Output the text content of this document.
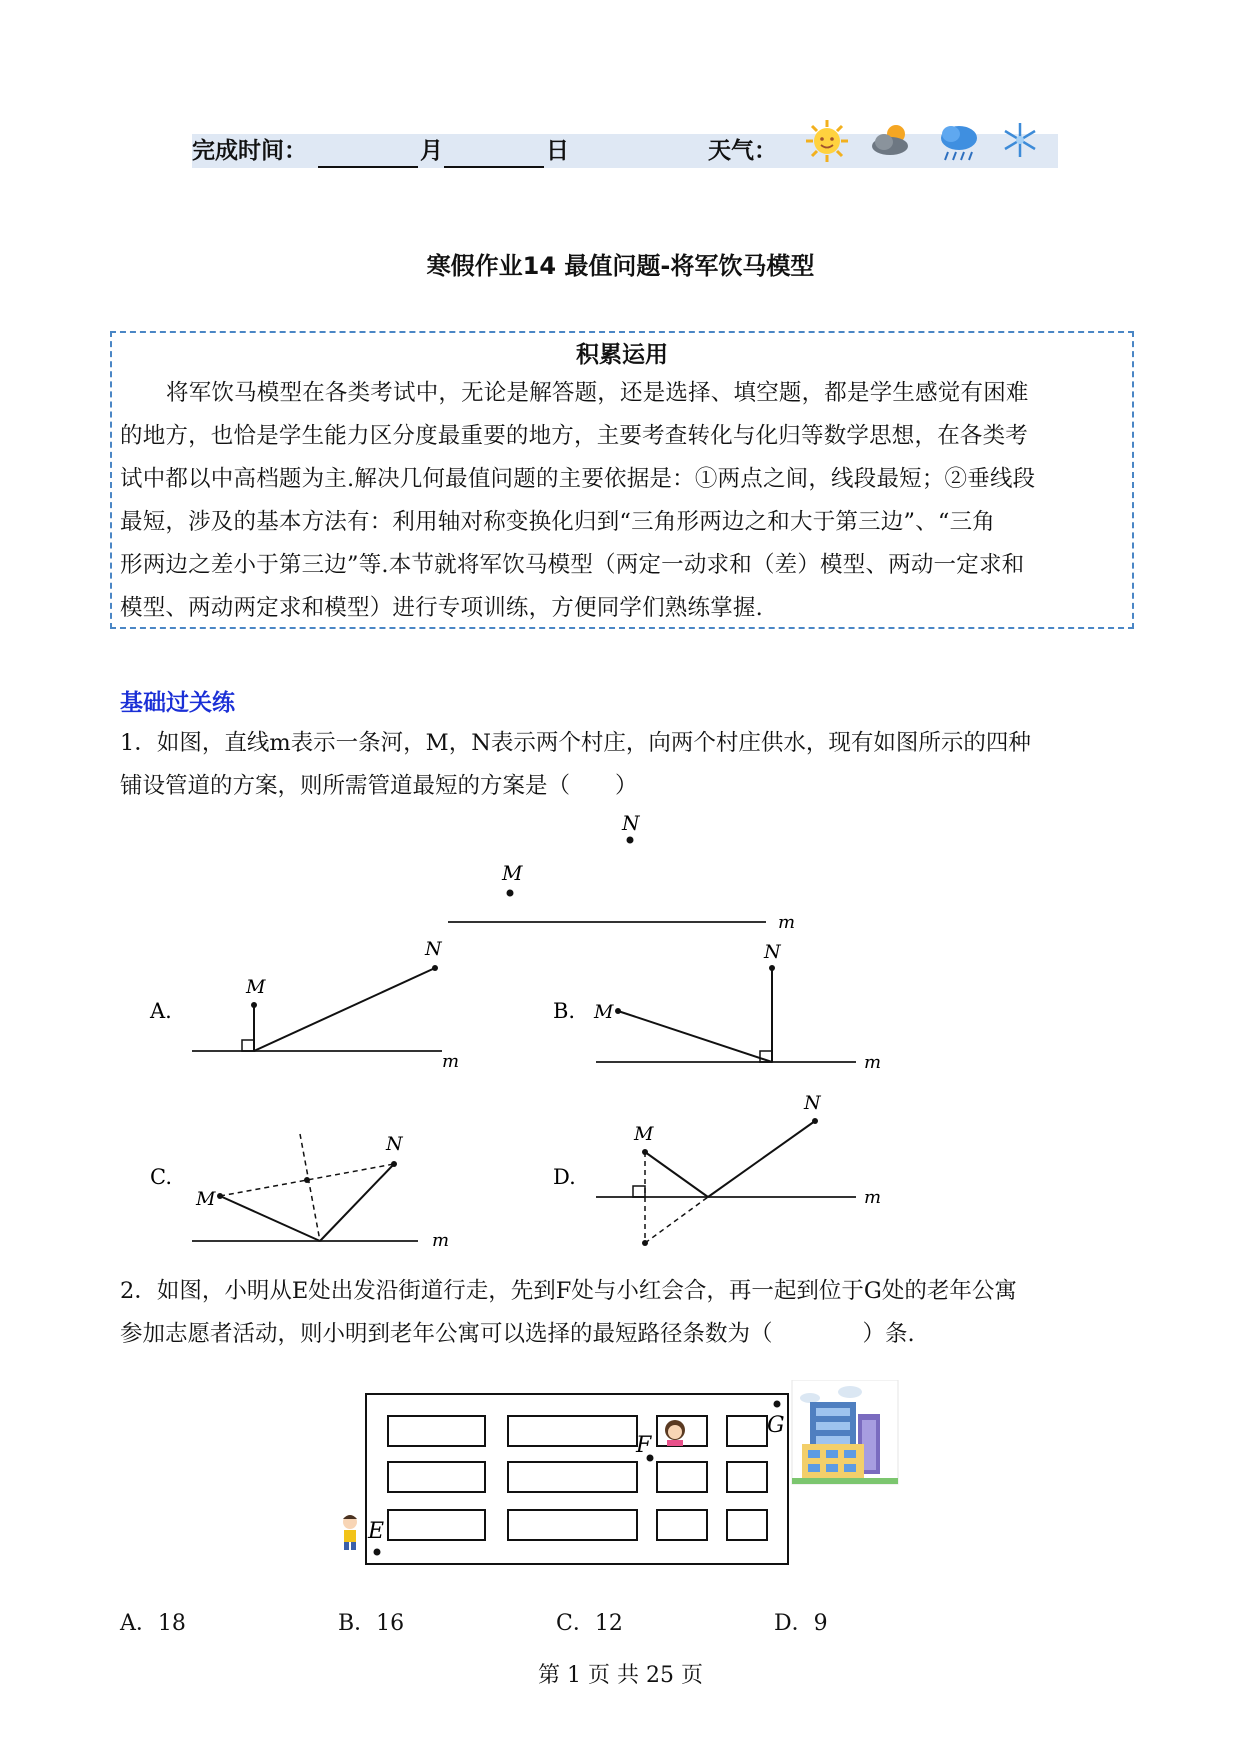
完成时间：	月	日	天气：
寒假作业14 最值问题-将军饮马模型
积累运用
将军饮马模型在各类考试中，无论是解答题，还是选择、填空题，都是学生感觉有困难
的地方，也恰是学生能力区分度最重要的地方，主要考查转化与化归等数学思想，在各类考
试中都以中高档题为主.解决几何最值问题的主要依据是：①两点之间，线段最短；②垂线段
最短，涉及的基本方法有：利用轴对称变换化归到“三角形两边之和大于第三边”、“三角
形两边之差小于第三边”等.本节就将军饮马模型（两定一动求和（差）模型、两动一定求和
模型、两动两定求和模型）进行专项训练，方便同学们熟练掌握.
基础过关练
1．如图，直线m表示一条河，M，N表示两个村庄，向两个村庄供水，现有如图所示的四种
铺设管道的方案，则所需管道最短的方案是（　　）
N
M
m
A.
m
M
N
B.
m
M
N
C.
m
M
N
D.
m
M
N
2．如图，小明从E处出发沿街道行走，先到F处与小红会合，再一起到位于G处的老年公寓
参加志愿者活动，则小明到老年公寓可以选择的最短路径条数为（　　　　）条.
F
G
E
A．18	B．16	C．12	D．9
第 1 页 共 25 页
